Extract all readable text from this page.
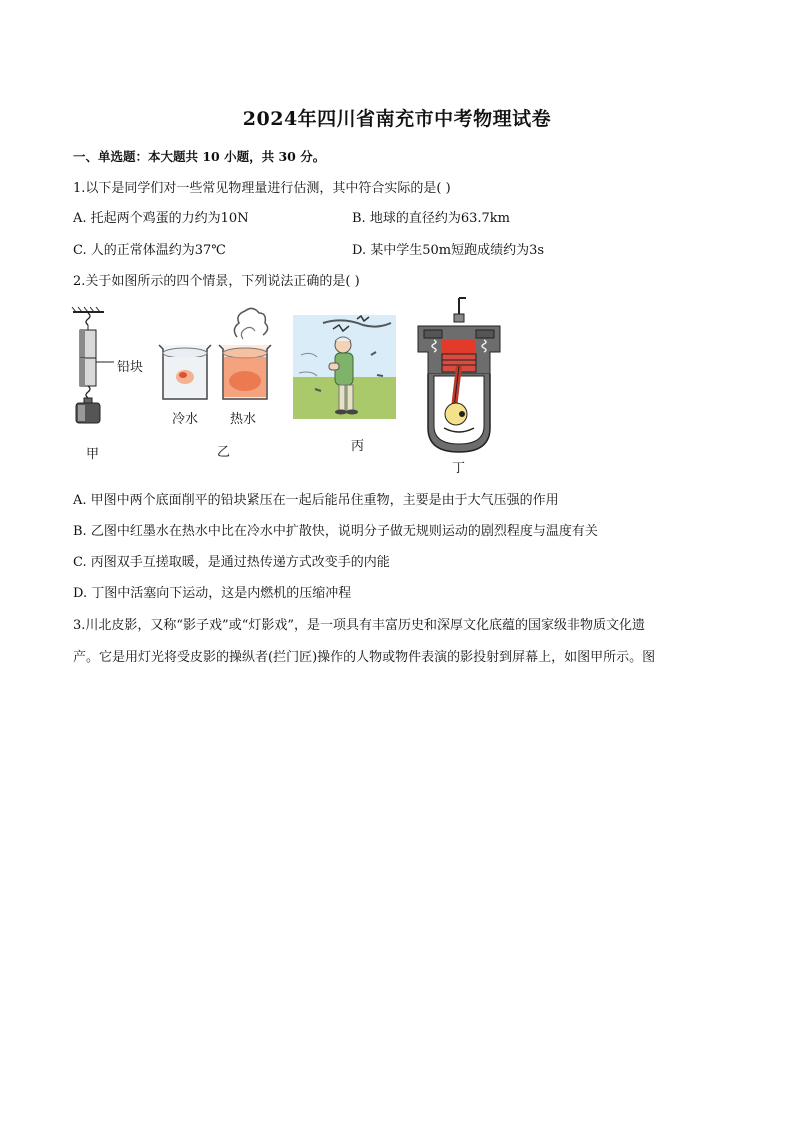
2024年四川省南充市中考物理试卷
一、单选题：本大题共 10 小题，共 30 分。
1.以下是同学们对一些常见物理量进行估测，其中符合实际的是( )
A. 托起两个鸡蛋的力约为10N	B. 地球的直径约为63.7km
C. 人的正常体温约为37℃	D. 某中学生50m短跑成绩约为3s
2.关于如图所示的四个情景，下列说法正确的是( )
铅块
甲
冷水 热水
乙	丙
丁
A. 甲图中两个底面削平的铅块紧压在一起后能吊住重物，主要是由于大气压强的作用
B. 乙图中红墨水在热水中比在冷水中扩散快，说明分子做无规则运动的剧烈程度与温度有关
C. 丙图双手互搓取暖，是通过热传递方式改变手的内能
D. 丁图中活塞向下运动，这是内燃机的压缩冲程
3.川北皮影，又称“影子戏”或“灯影戏”，是一项具有丰富历史和深厚文化底蕴的国家级非物质文化遗
产。它是用灯光将受皮影的操纵者(拦门匠)操作的人物或物件表演的影投射到屏幕上，如图甲所示。图
